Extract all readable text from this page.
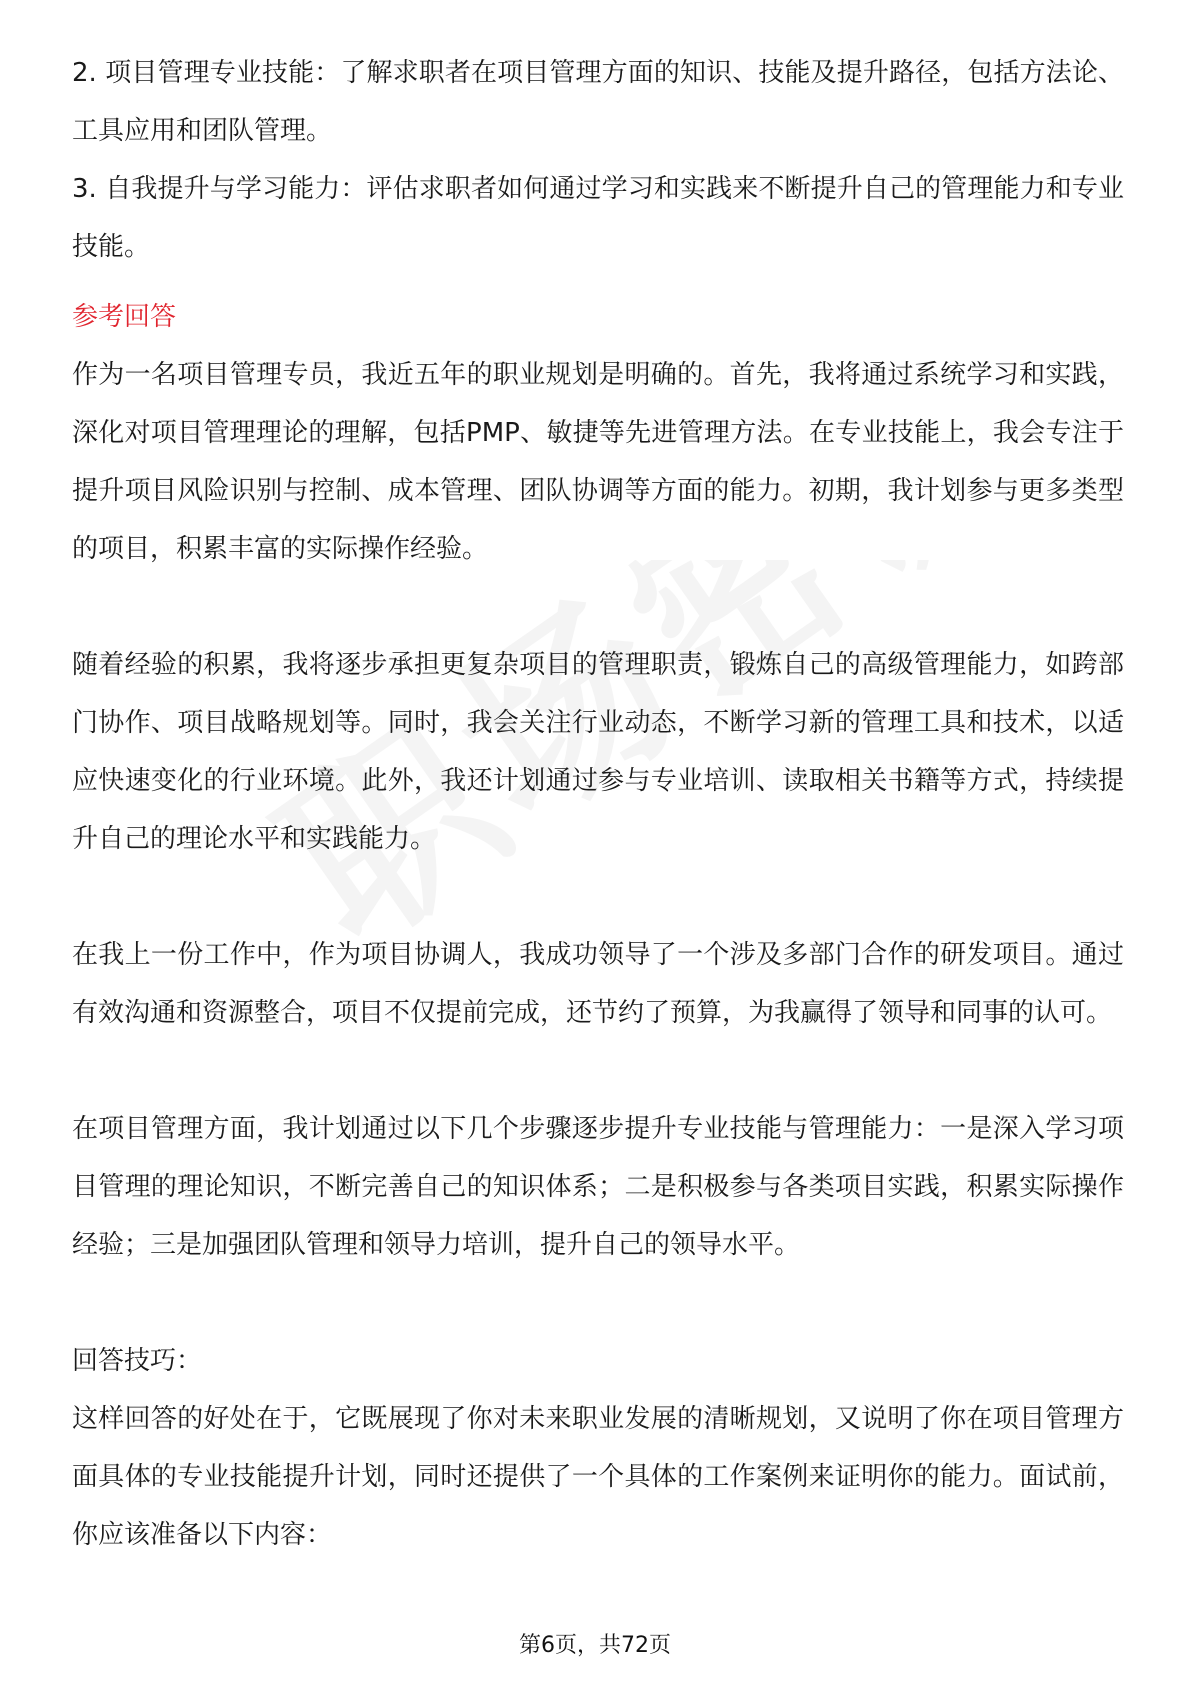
2. 项目管理专业技能：了解求职者在项目管理方面的知识、技能及提升路径，包括方法论、工具应用和团队管理。

3. 自我提升与学习能力：评估求职者如何通过学习和实践来不断提升自己的管理能力和专业技能。

参考回答

作为一名项目管理专员，我近五年的职业规划是明确的。首先，我将通过系统学习和实践，深化对项目管理理论的理解，包括PMP、敏捷等先进管理方法。在专业技能上，我会专注于提升项目风险识别与控制、成本管理、团队协调等方面的能力。初期，我计划参与更多类型的项目，积累丰富的实际操作经验。

随着经验的积累，我将逐步承担更复杂项目的管理职责，锻炼自己的高级管理能力，如跨部门协作、项目战略规划等。同时，我会关注行业动态，不断学习新的管理工具和技术，以适应快速变化的行业环境。此外，我还计划通过参与专业培训、读取相关书籍等方式，持续提升自己的理论水平和实践能力。

在我上一份工作中，作为项目协调人，我成功领导了一个涉及多部门合作的研发项目。通过有效沟通和资源整合，项目不仅提前完成，还节约了预算，为我赢得了领导和同事的认可。

在项目管理方面，我计划通过以下几个步骤逐步提升专业技能与管理能力：一是深入学习项目管理的理论知识，不断完善自己的知识体系；二是积极参与各类项目实践，积累实际操作经验；三是加强团队管理和领导力培训，提升自己的领导水平。

回答技巧：

这样回答的好处在于，它既展现了你对未来职业发展的清晰规划，又说明了你在项目管理方面具体的专业技能提升计划，同时还提供了一个具体的工作案例来证明你的能力。面试前，你应该准备以下内容：

第6页，共72页
